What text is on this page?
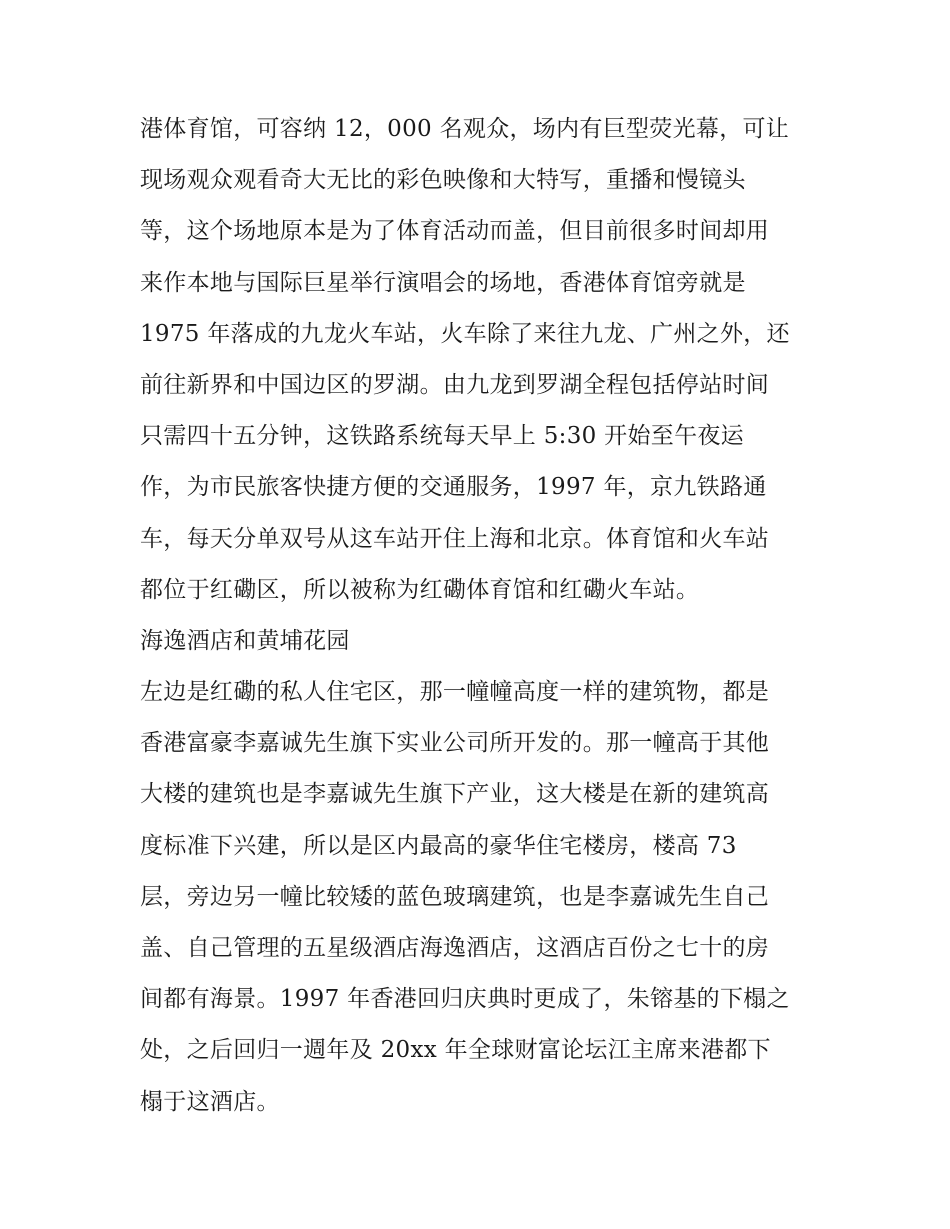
港体育馆，可容纳 12，000 名观众，场内有巨型荧光幕，可让
现场观众观看奇大无比的彩色映像和大特写，重播和慢镜头
等，这个场地原本是为了体育活动而盖，但目前很多时间却用
来作本地与国际巨星举行演唱会的场地，香港体育馆旁就是
1975 年落成的九龙火车站，火车除了来往九龙、广州之外，还
前往新界和中国边区的罗湖。由九龙到罗湖全程包括停站时间
只需四十五分钟，这铁路系统每天早上 5:30 开始至午夜运
作，为市民旅客快捷方便的交通服务，1997 年，京九铁路通
车，每天分单双号从这车站开住上海和北京。体育馆和火车站
都位于红磡区，所以被称为红磡体育馆和红磡火车站。
海逸酒店和黄埔花园
左边是红磡的私人住宅区，那一幢幢高度一样的建筑物，都是
香港富豪李嘉诚先生旗下实业公司所开发的。那一幢高于其他
大楼的建筑也是李嘉诚先生旗下产业，这大楼是在新的建筑高
度标准下兴建，所以是区内最高的豪华住宅楼房，楼高 73
层，旁边另一幢比较矮的蓝色玻璃建筑，也是李嘉诚先生自己
盖、自己管理的五星级酒店海逸酒店，这酒店百份之七十的房
间都有海景。1997 年香港回归庆典时更成了，朱镕基的下榻之
处，之后回归一週年及 20xx 年全球财富论坛江主席来港都下
榻于这酒店。
